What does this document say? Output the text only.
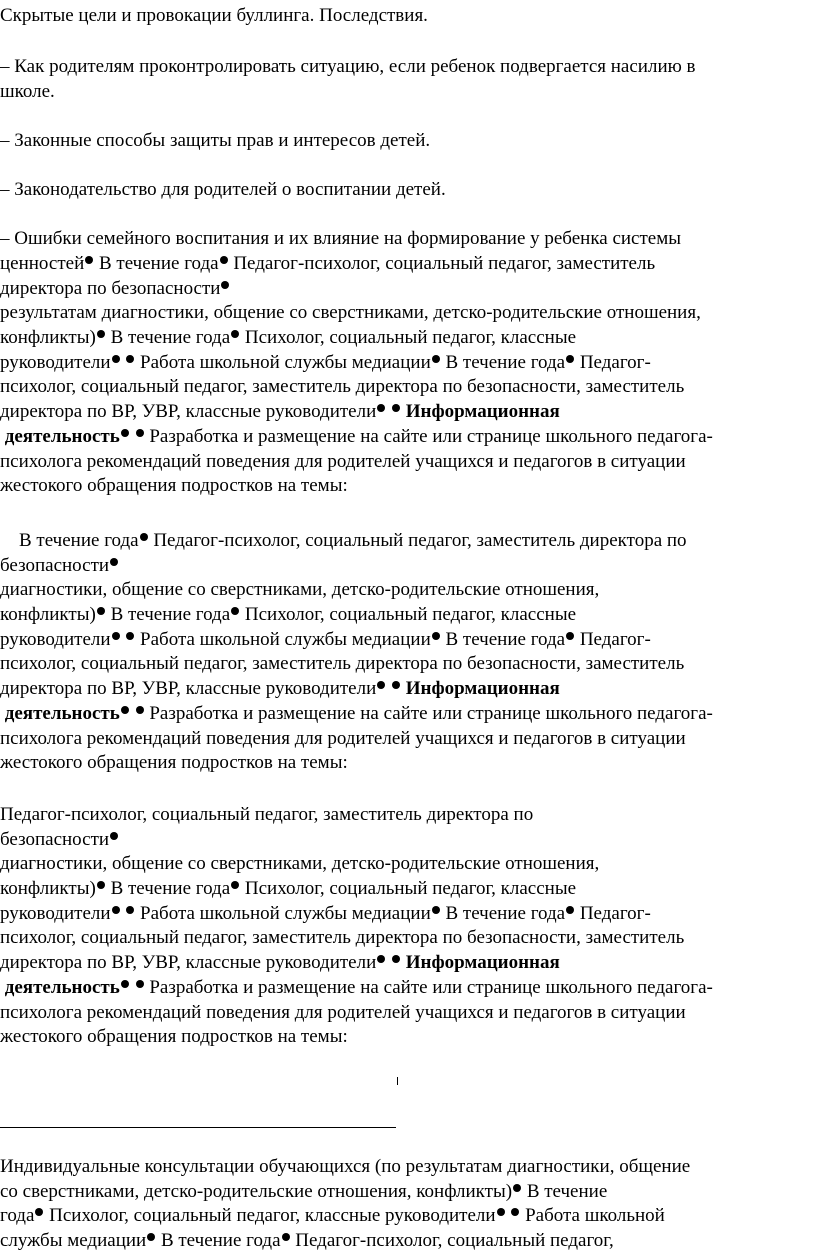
Скрытые цели и провокации буллинга. Последствия.
– Как родителям проконтролировать ситуацию, если ребенок подвергается насилию в
школе.
– Законные способы защиты прав и интересов детей.
– Законодательство для родителей о воспитании детей.
– Ошибки семейного воспитания и их влияние на формирование у ребенка системы
ценностей В течение года Педагог-психолог, социальный педагог, заместитель
директора по безопасности
результатам диагностики, общение со сверстниками, детско-родительские отношения,
конфликты) В течение года Психолог, социальный педагог, классные
руководители  Работа школьной службы медиации В течение года Педагог-
психолог, социальный педагог, заместитель директора по безопасности, заместитель
директора по ВР, УВР, классные руководители Информационная
деятельность  Разработка и размещение на сайте или странице школьного педагога-
психолога рекомендаций поведения для родителей учащихся и педагогов в ситуации
жестокого обращения подростков на темы:
В течение года Педагог-психолог, социальный педагог, заместитель директора по
безопасности
диагностики, общение со сверстниками, детско-родительские отношения,
конфликты) В течение года Психолог, социальный педагог, классные
руководители  Работа школьной службы медиации В течение года Педагог-
психолог, социальный педагог, заместитель директора по безопасности, заместитель
директора по ВР, УВР, классные руководители Информационная
деятельность  Разработка и размещение на сайте или странице школьного педагога-
психолога рекомендаций поведения для родителей учащихся и педагогов в ситуации
жестокого обращения подростков на темы:
Педагог-психолог, социальный педагог, заместитель директора по
безопасности
диагностики, общение со сверстниками, детско-родительские отношения,
конфликты) В течение года Психолог, социальный педагог, классные
руководители  Работа школьной службы медиации В течение года Педагог-
психолог, социальный педагог, заместитель директора по безопасности, заместитель
директора по ВР, УВР, классные руководители Информационная
деятельность  Разработка и размещение на сайте или странице школьного педагога-
психолога рекомендаций поведения для родителей учащихся и педагогов в ситуации
жестокого обращения подростков на темы:
Индивидуальные консультации обучающихся (по результатам диагностики, общение
со сверстниками, детско-родительские отношения, конфликты) В течение
года Психолог, социальный педагог, классные руководители  Работа школьной
службы медиации В течение года Педагог-психолог, социальный педагог,
